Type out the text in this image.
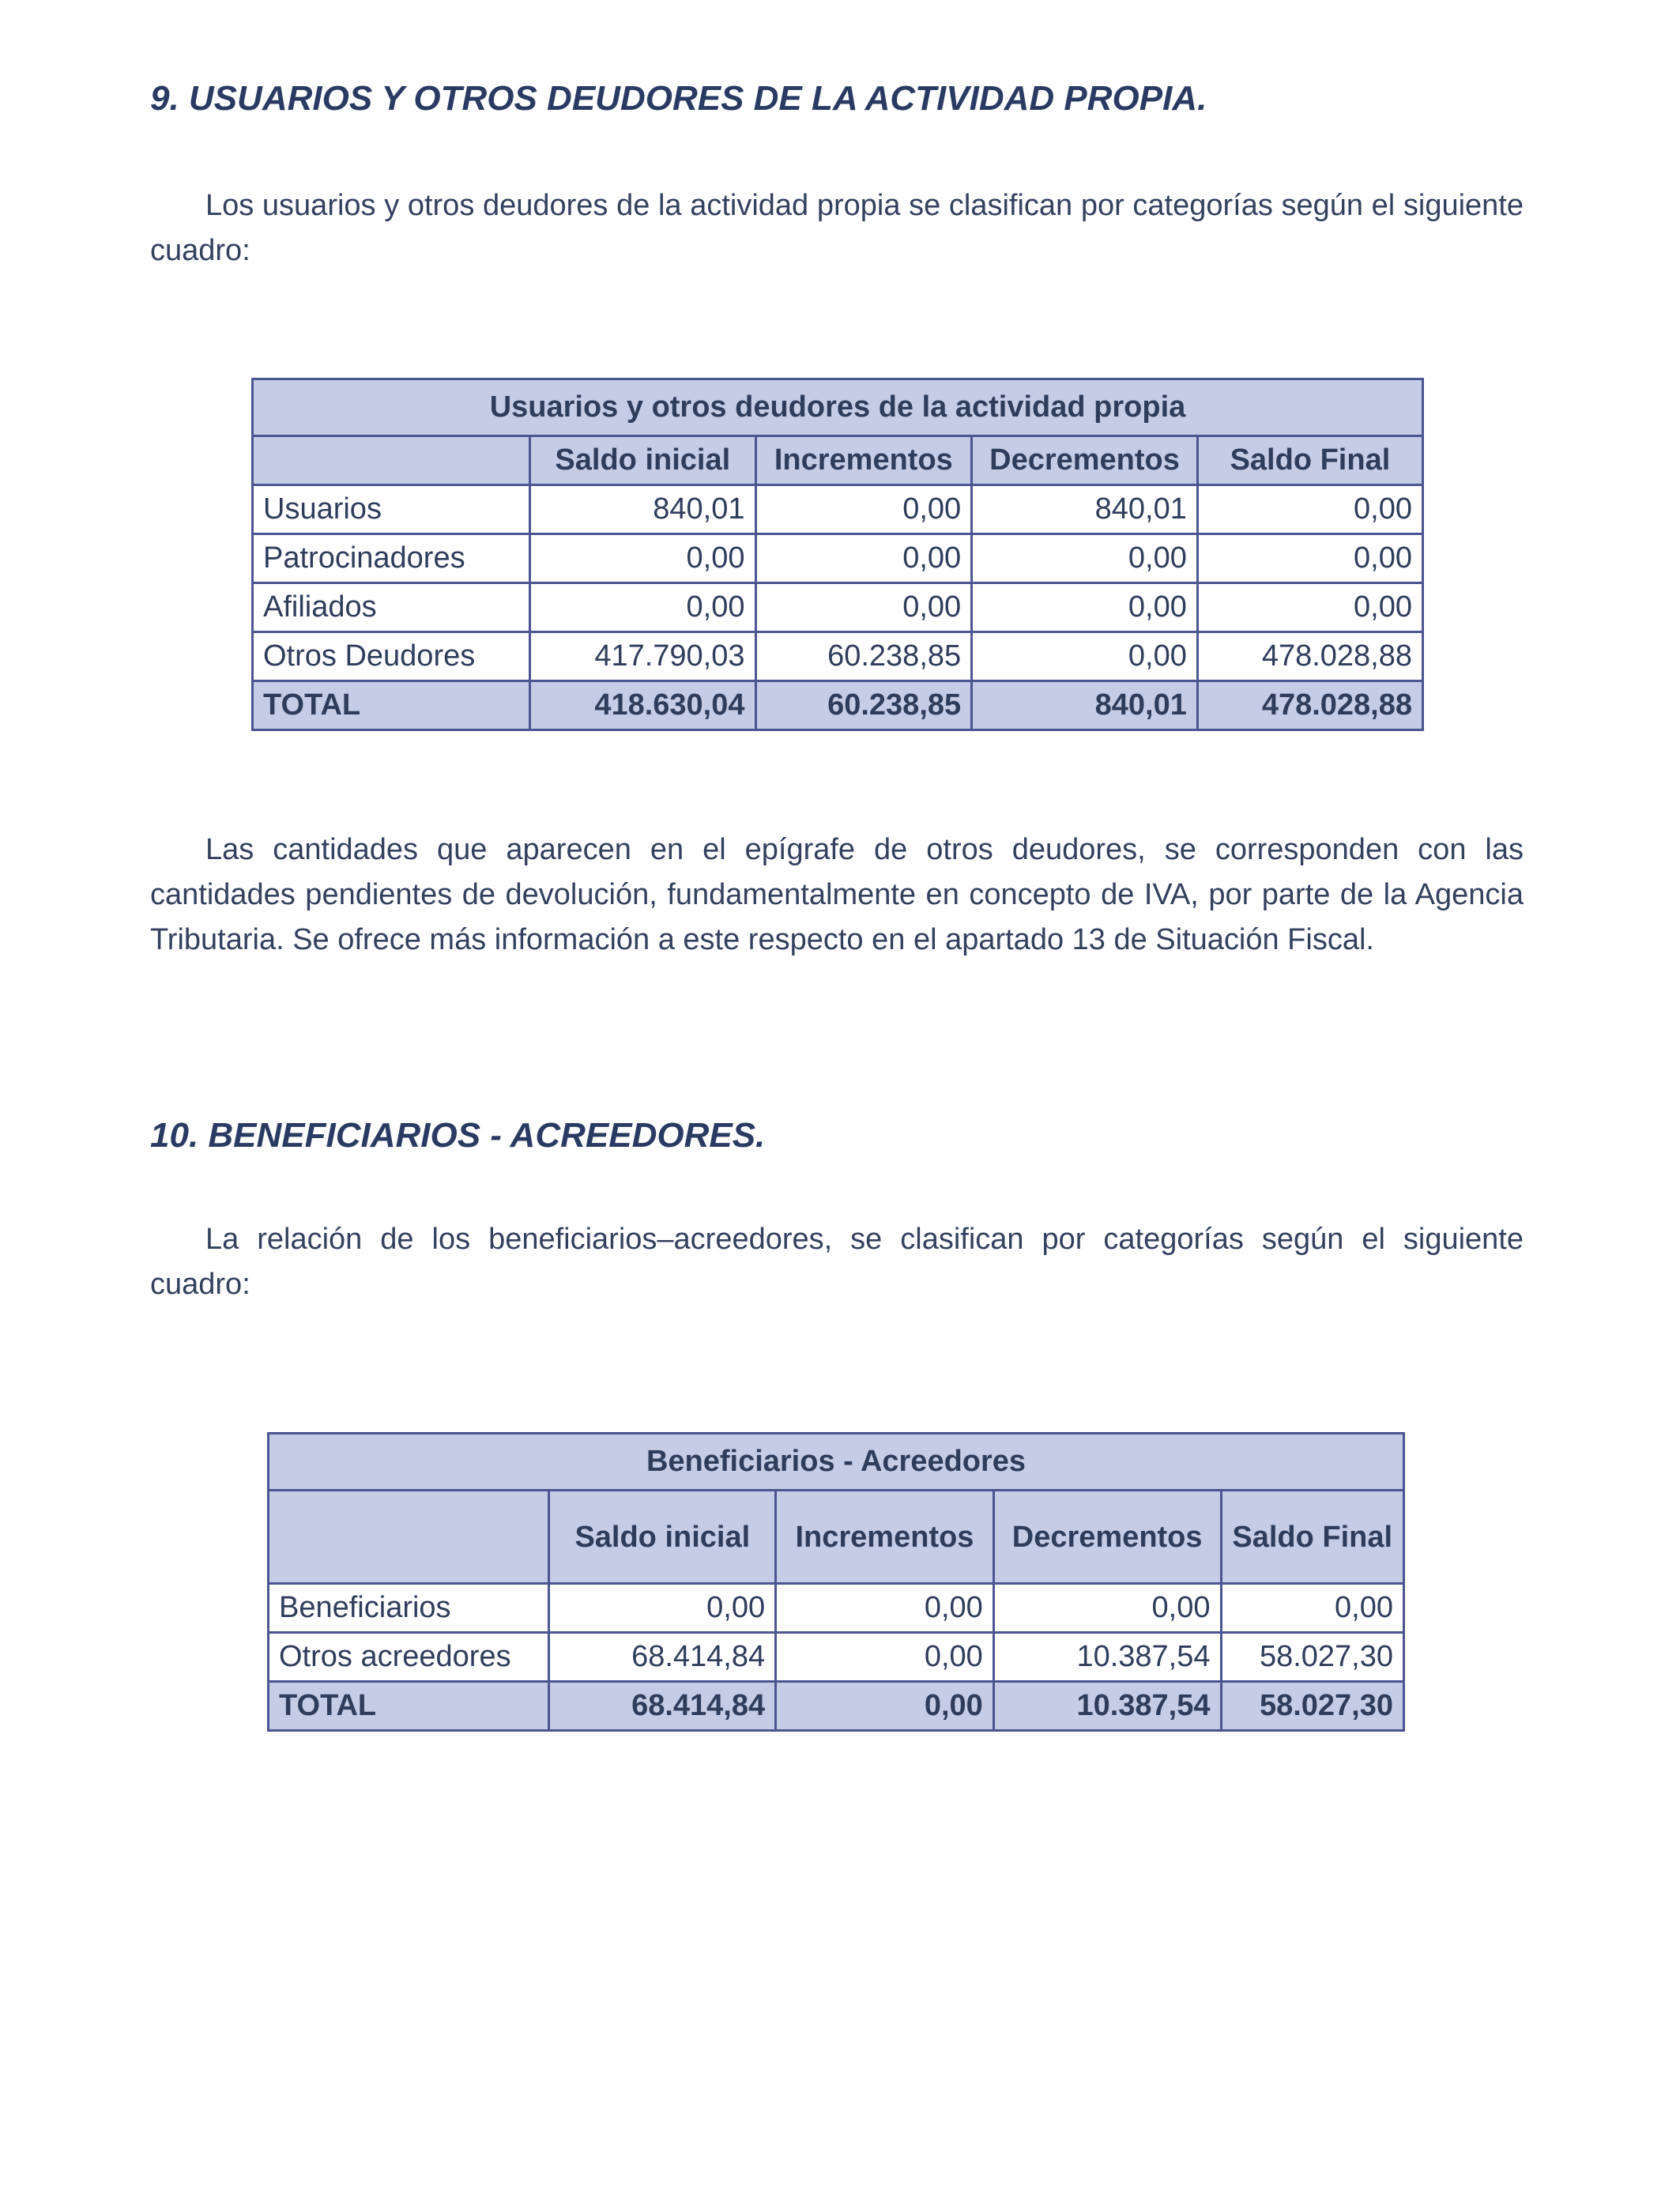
9. USUARIOS Y OTROS DEUDORES DE LA ACTIVIDAD PROPIA.

Los usuarios y otros deudores de la actividad propia se clasifican por categorías según el siguiente cuadro:

Las cantidades que aparecen en el epígrafe de otros deudores, se corresponden con las cantidades pendientes de devolución, fundamentalmente en concepto de IVA, por parte de la Agencia Tributaria. Se ofrece más información a este respecto en el apartado 13 de Situación Fiscal.

10. BENEFICIARIOS - ACREEDORES.

La relación de los beneficiarios–acreedores, se clasifican por categorías según el siguiente cuadro:

Usuarios y otros deudores de la actividad propia				
	Saldo inicial	Incrementos	Decrementos	Saldo Final
Usuarios	840,01	0,00	840,01	0,00
Patrocinadores	0,00	0,00	0,00	0,00
Afiliados	0,00	0,00	0,00	0,00
Otros Deudores	417.790,03	60.238,85	0,00	478.028,88
TOTAL	418.630,04	60.238,85	840,01	478.028,88
Beneficiarios - Acreedores				
	Saldo inicial	Incrementos	Decrementos	Saldo Final
Beneficiarios	0,00	0,00	0,00	0,00
Otros acreedores	68.414,84	0,00	10.387,54	58.027,30
TOTAL	68.414,84	0,00	10.387,54	58.027,30
